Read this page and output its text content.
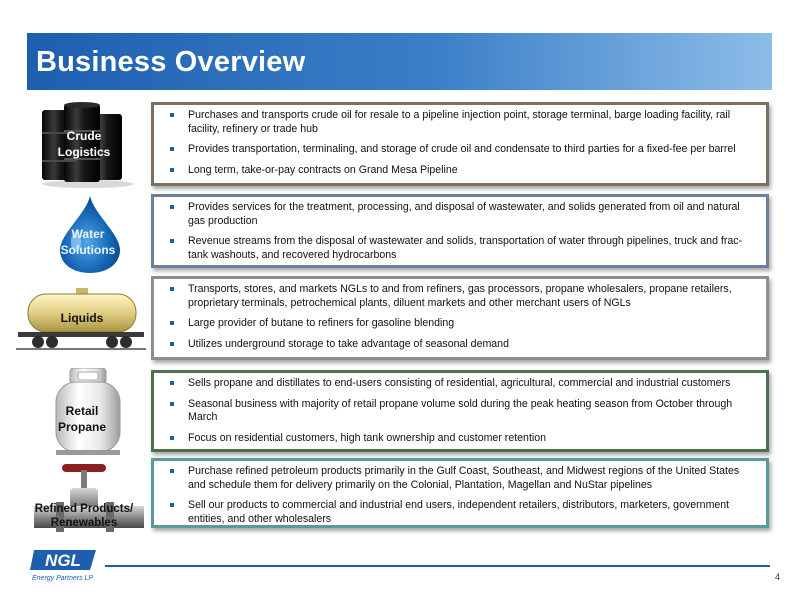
Business Overview
Crude
Logistics
Purchases and transports crude oil for resale to a pipeline injection point, storage terminal, barge loading facility, rail facility, refinery or trade hub
Provides transportation, terminaling, and storage of crude oil and condensate to third parties for a fixed-fee per barrel
Long term, take-or-pay contracts on Grand Mesa Pipeline
Water
Solutions
Provides services for the treatment, processing, and disposal of wastewater, and solids generated from oil and natural gas production
Revenue streams from the disposal of wastewater and solids, transportation of water through pipelines, truck and frac-tank washouts, and recovered hydrocarbons
Liquids
Transports, stores, and markets NGLs to and from refiners, gas processors, propane wholesalers, propane retailers, proprietary terminals, petrochemical plants, diluent markets and other merchant users of NGLs
Large provider of butane to refiners for gasoline blending
Utilizes underground storage to take advantage of seasonal demand
Retail
Propane
Sells propane and distillates to end-users consisting of residential, agricultural, commercial and industrial customers
Seasonal business with majority of retail propane volume sold during the peak heating season from October through March
Focus on residential customers, high tank ownership and customer retention
Refined Products/
Renewables
Purchase refined petroleum products primarily in the Gulf Coast, Southeast, and Midwest regions of the United States and schedule them for delivery primarily on the Colonial, Plantation, Magellan and NuStar pipelines
Sell our products to commercial and industrial end users, independent retailers, distributors, marketers, government entities, and other wholesalers
NGL
Energy Partners LP	4
